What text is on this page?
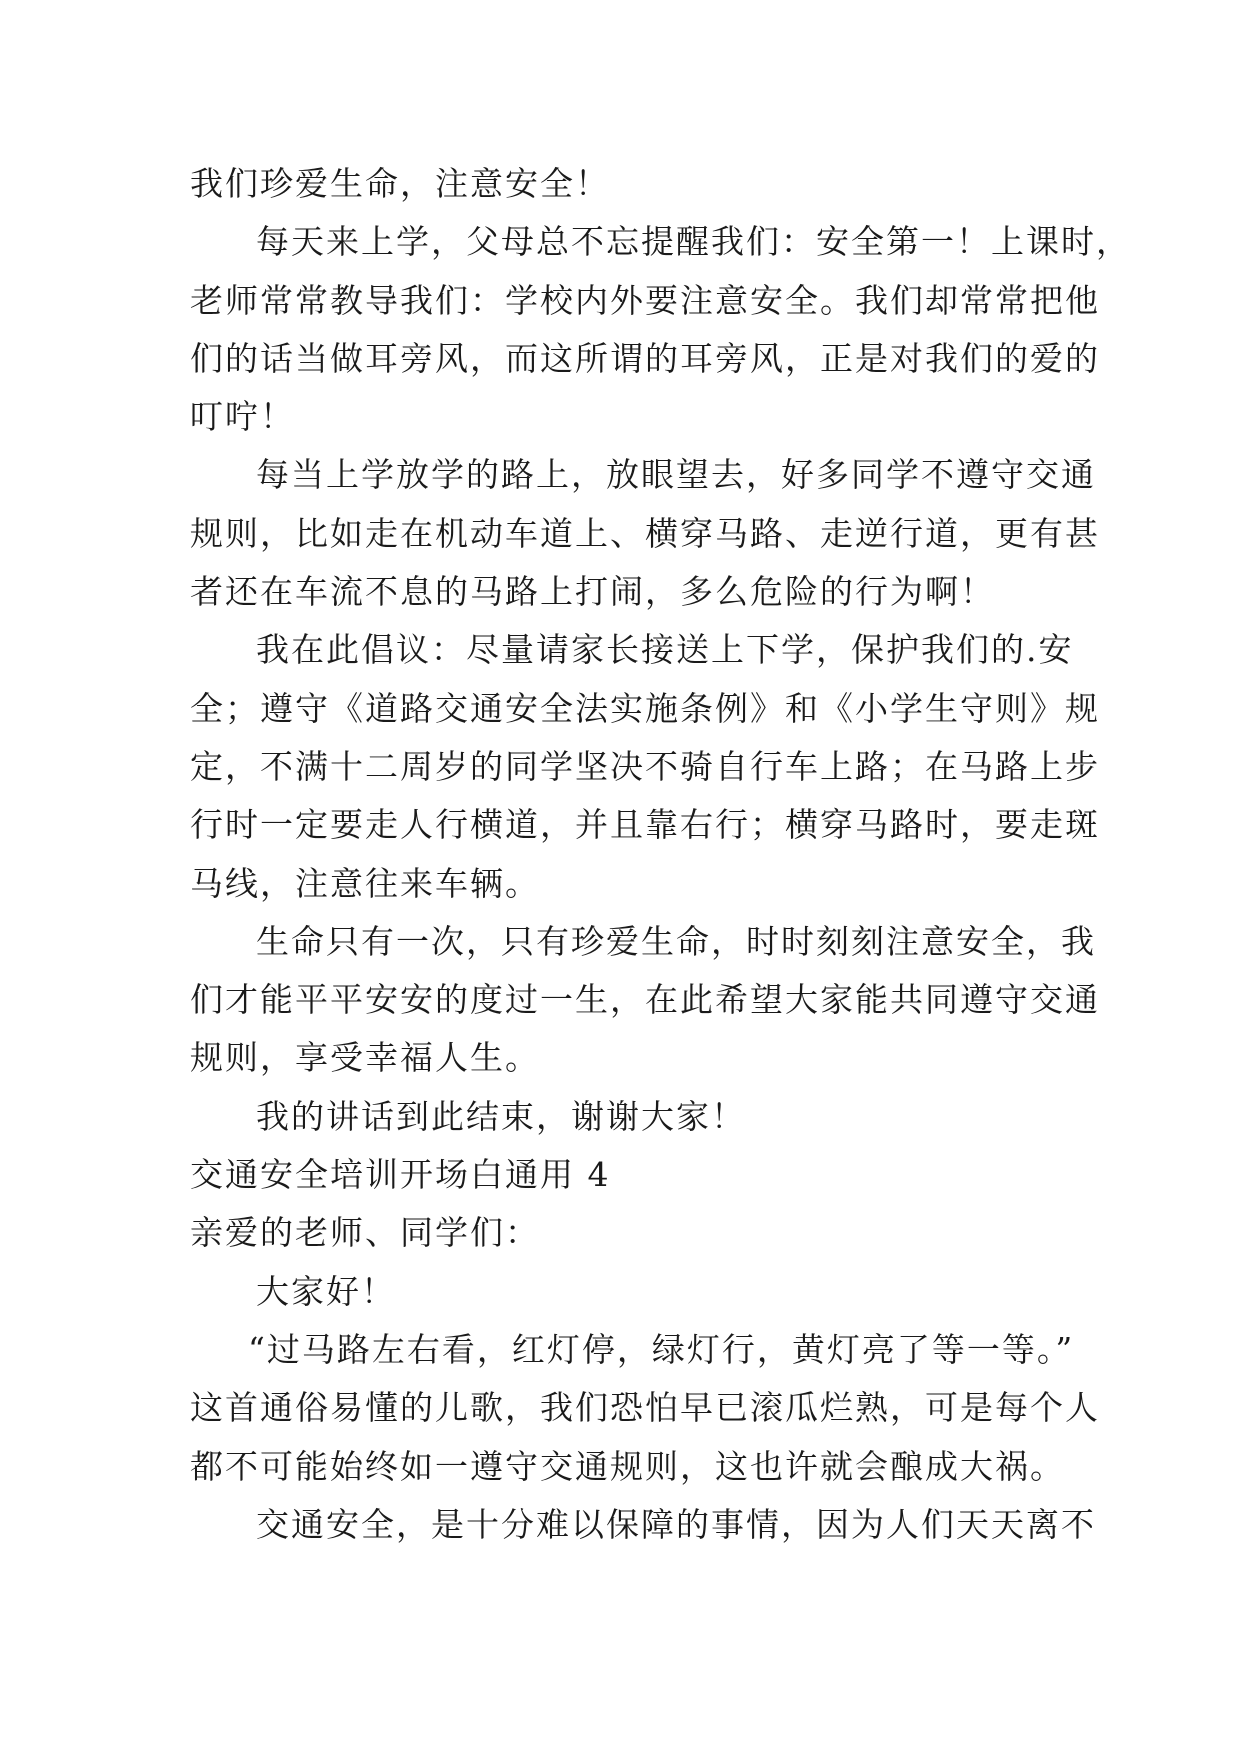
我们珍爱生命，注意安全！
每天来上学，父母总不忘提醒我们：安全第一！上课时，
老师常常教导我们：学校内外要注意安全。我们却常常把他
们的话当做耳旁风，而这所谓的耳旁风，正是对我们的爱的
叮咛！
每当上学放学的路上，放眼望去，好多同学不遵守交通
规则，比如走在机动车道上、横穿马路、走逆行道，更有甚
者还在车流不息的马路上打闹，多么危险的行为啊！
我在此倡议：尽量请家长接送上下学，保护我们的.安
全；遵守《道路交通安全法实施条例》和《小学生守则》规
定，不满十二周岁的同学坚决不骑自行车上路；在马路上步
行时一定要走人行横道，并且靠右行；横穿马路时，要走斑
马线，注意往来车辆。
生命只有一次，只有珍爱生命，时时刻刻注意安全，我
们才能平平安安的度过一生，在此希望大家能共同遵守交通
规则，享受幸福人生。
我的讲话到此结束，谢谢大家！
交通安全培训开场白通用 4
亲爱的老师、同学们：
大家好！
“过马路左右看，红灯停，绿灯行，黄灯亮了等一等。”
这首通俗易懂的儿歌，我们恐怕早已滚瓜烂熟，可是每个人
都不可能始终如一遵守交通规则，这也许就会酿成大祸。
交通安全，是十分难以保障的事情，因为人们天天离不
